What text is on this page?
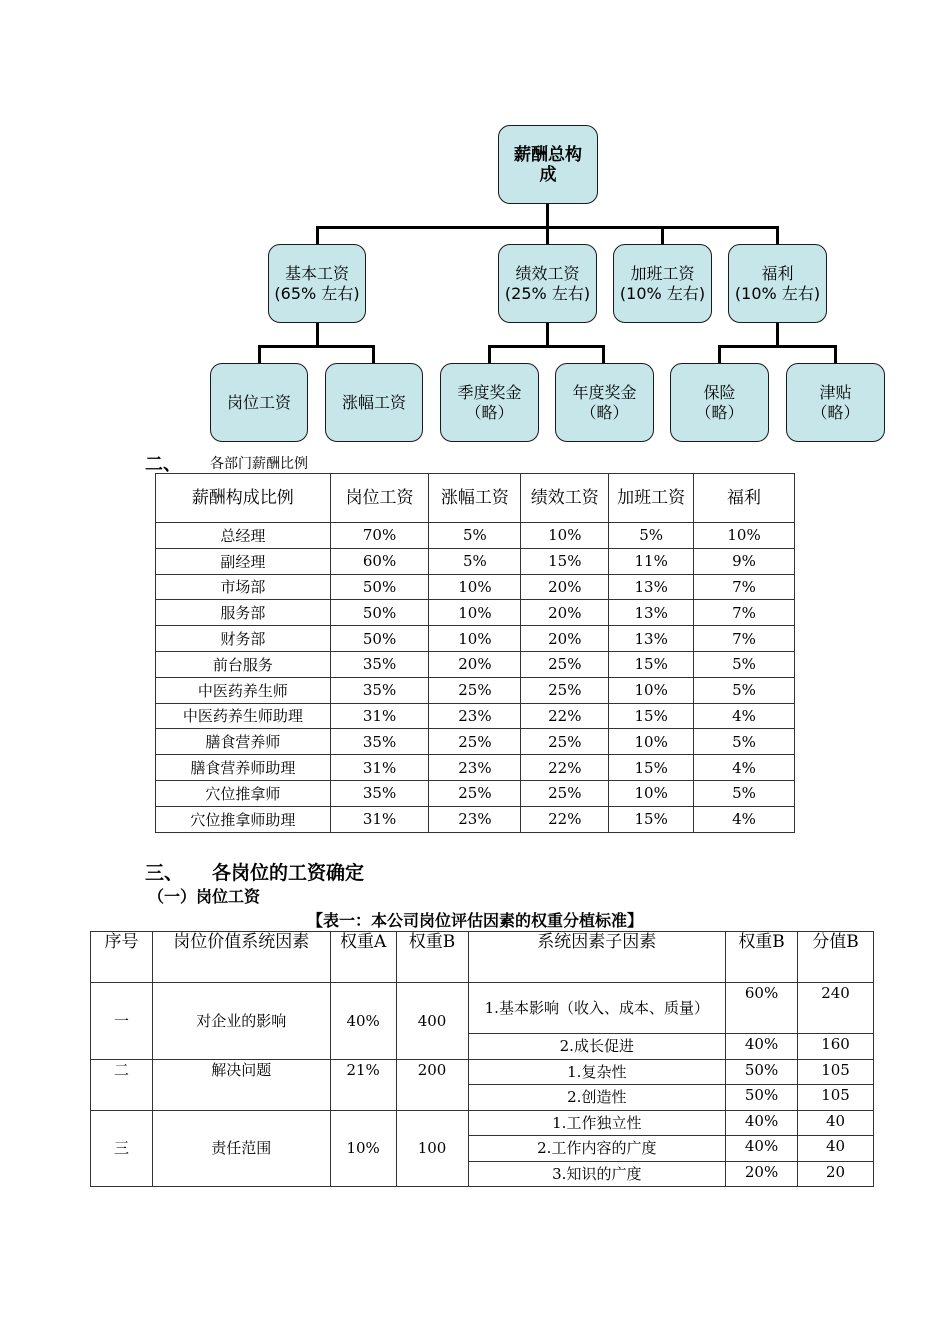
薪酬总构
成
基本工资
(65% 左右)
绩效工资
(25% 左右)
加班工资
(10% 左右)
福利
(10% 左右)
岗位工资	涨幅工资
季度奖金
（略）
年度奖金
（略）
保险
（略）
津贴
（略）
二、 各部门薪酬比例
薪酬构成比例	岗位工资	涨幅工资	绩效工资	加班工资	福利
总经理	70%	5%	10%	5%	10%
副经理	60%	5%	15%	11%	9%
市场部	50%	10%	20%	13%	7%
服务部	50%	10%	20%	13%	7%
财务部	50%	10%	20%	13%	7%
前台服务	35%	20%	25%	15%	5%
中医药养生师	35%	25%	25%	10%	5%
中医药养生师助理	31%	23%	22%	15%	4%
膳食营养师	35%	25%	25%	10%	5%
膳食营养师助理	31%	23%	22%	15%	4%
穴位推拿师	35%	25%	25%	10%	5%
穴位推拿师助理	31%	23%	22%	15%	4%
三、 各岗位的工资确定
（一）岗位工资
【表一：本公司岗位评估因素的权重分植标准】
序号	岗位价值系统因素	权重A	权重B	系统因素子因素	权重B	分值B
一	对企业的影响	40%	400	1.基本影响（收入、成本、质量）	60%	240
				2.成长促进	40%	160
二	解决问题	21%	200	1.复杂性	50%	105
				2.创造性	50%	105
三	责任范围	10%	100	1.工作独立性	40%	40
				2.工作内容的广度	40%	40
				3.知识的广度	20%	20
